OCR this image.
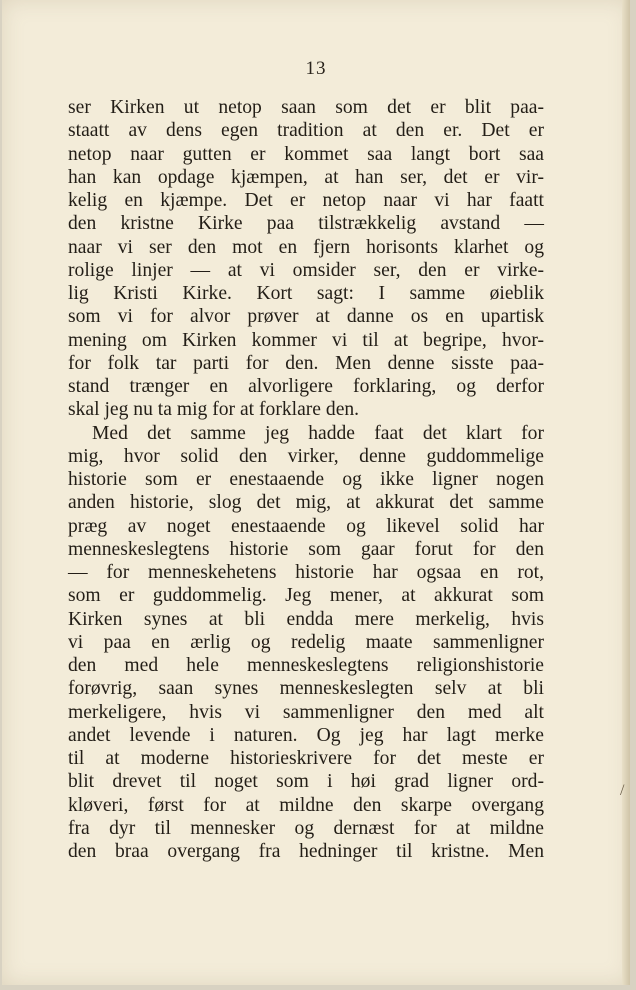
13
ser Kirken ut netop saan som det er blit paa-
staatt av dens egen tradition at den er. Det er
netop naar gutten er kommet saa langt bort saa
han kan opdage kjæmpen, at han ser, det er vir-
kelig en kjæmpe. Det er netop naar vi har faatt
den kristne Kirke paa tilstrækkelig avstand —
naar vi ser den mot en fjern horisonts klarhet og
rolige linjer — at vi omsider ser, den er virke-
lig Kristi Kirke. Kort sagt: I samme øieblik
som vi for alvor prøver at danne os en upartisk
mening om Kirken kommer vi til at begripe, hvor-
for folk tar parti for den. Men denne sisste paa-
stand trænger en alvorligere forklaring, og derfor
skal jeg nu ta mig for at forklare den.
Med det samme jeg hadde faat det klart for
mig, hvor solid den virker, denne guddommelige
historie som er enestaaende og ikke ligner nogen
anden historie, slog det mig, at akkurat det samme
præg av noget enestaaende og likevel solid har
menneskeslegtens historie som gaar forut for den
— for menneskehetens historie har ogsaa en rot,
som er guddommelig. Jeg mener, at akkurat som
Kirken synes at bli endda mere merkelig, hvis
vi paa en ærlig og redelig maate sammenligner
den med hele menneskeslegtens religionshistorie
forøvrig, saan synes menneskeslegten selv at bli
merkeligere, hvis vi sammenligner den med alt
andet levende i naturen. Og jeg har lagt merke
til at moderne historieskrivere for det meste er
blit drevet til noget som i høi grad ligner ord-
kløveri, først for at mildne den skarpe overgang
fra dyr til mennesker og dernæst for at mildne
den braa overgang fra hedninger til kristne. Men
/
